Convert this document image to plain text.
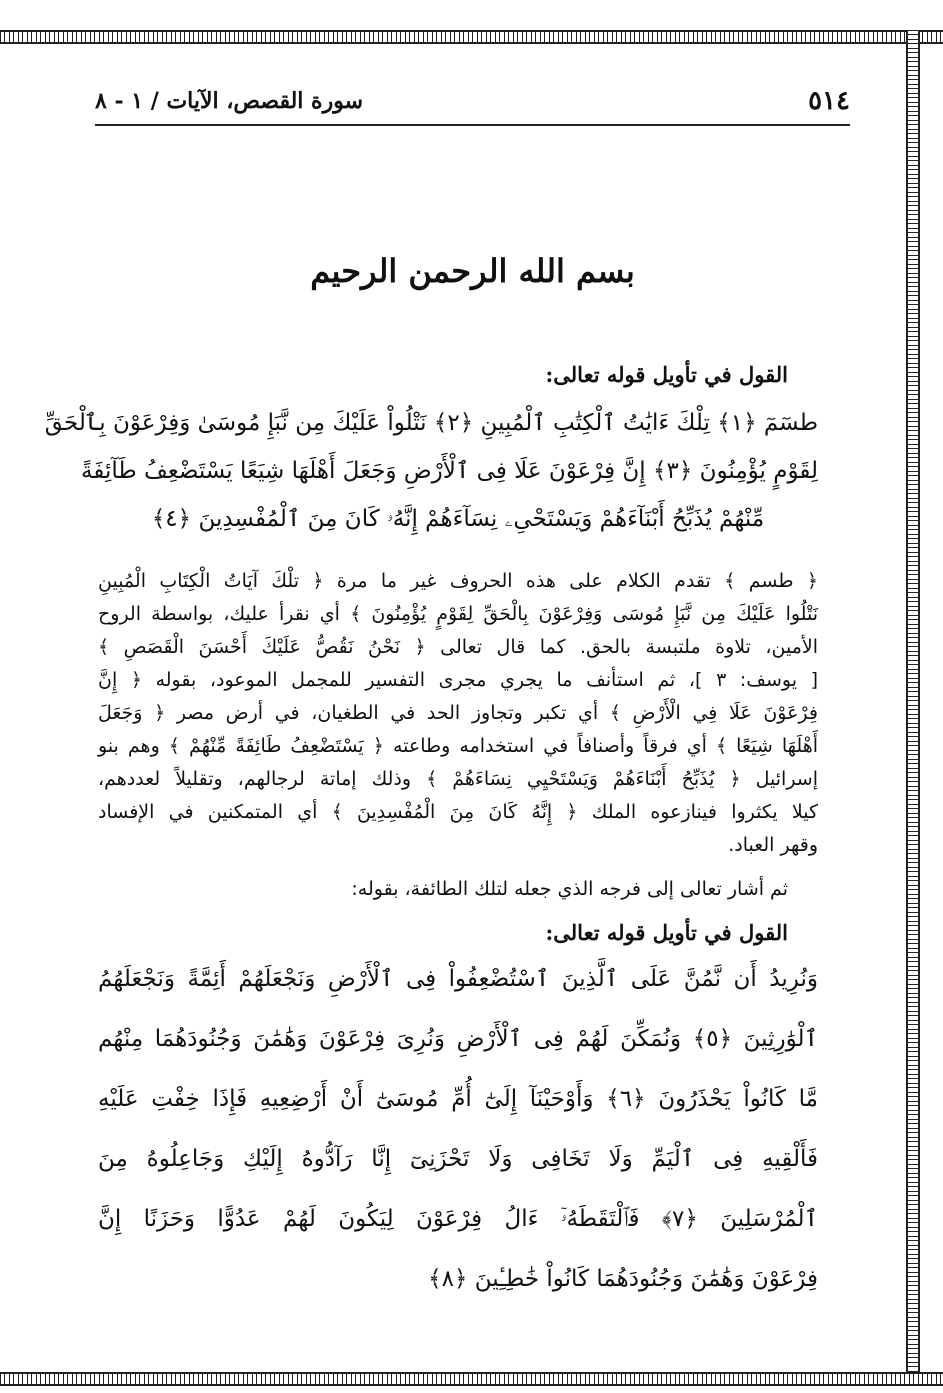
٥١٤
سورة القصص، الآيات / ١ - ٨
بسم الله الرحمن الرحيم
القول في تأويل قوله تعالى:
طسٓمٓ ﴿١﴾ تِلْكَ ءَايَٰتُ ٱلْكِتَٰبِ ٱلْمُبِينِ ﴿٢﴾ نَتْلُواْ عَلَيْكَ مِن نَّبَإِ مُوسَىٰ وَفِرْعَوْنَ بِٱلْحَقِّ
لِقَوْمٍ يُؤْمِنُونَ ﴿٣﴾ إِنَّ فِرْعَوْنَ عَلَا فِى ٱلْأَرْضِ وَجَعَلَ أَهْلَهَا شِيَعًا يَسْتَضْعِفُ طَآئِفَةً
مِّنْهُمْ يُذَبِّحُ أَبْنَآءَهُمْ وَيَسْتَحْىِۦ نِسَآءَهُمْ إِنَّهُۥ كَانَ مِنَ ٱلْمُفْسِدِينَ ﴿٤﴾
﴿ طسم ﴾ تقدم الكلام على هذه الحروف غير ما مرة ﴿ تلْكَ آيَاتُ الْكِتَابِ الْمُبِينِ
نَتْلُوا عَلَيْكَ مِن نَّبَإِ مُوسَى وَفِرْعَوْنَ بِالْحَقِّ لِقَوْمٍ يُؤْمِنُونَ ﴾ أي نقرأ عليك، بواسطة الروح
الأمين، تلاوة ملتبسة بالحق. كما قال تعالى ﴿ نَحْنُ نَقُصُّ عَلَيْكَ أَحْسَنَ الْقَصَصِ ﴾
[ يوسف: ٣ ]، ثم استأنف ما يجري مجرى التفسير للمجمل الموعود، بقوله ﴿ إِنَّ
فِرْعَوْنَ عَلَا فِي الْأَرْضِ ﴾ أي تكبر وتجاوز الحد في الطغيان، في أرض مصر ﴿ وَجَعَلَ
أَهْلَهَا شِيَعًا ﴾ أي فرقاً وأصنافاً في استخدامه وطاعته ﴿ يَسْتَضْعِفُ طَائِفَةً مِّنْهُمْ ﴾ وهم بنو
إسرائيل ﴿ يُذَبِّحُ أَبْنَاءَهُمْ وَيَسْتَحْيِي نِسَاءَهُمْ ﴾ وذلك إماتة لرجالهم، وتقليلاً لعددهم،
كيلا يكثروا فينازعوه الملك ﴿ إِنَّهُ كَانَ مِنَ الْمُفْسِدِينَ ﴾ أي المتمكنين في الإفساد
وقهر العباد.
ثم أشار تعالى إلى فرجه الذي جعله لتلك الطائفة، بقوله:
القول في تأويل قوله تعالى:
وَنُرِيدُ أَن نَّمُنَّ عَلَى ٱلَّذِينَ ٱسْتُضْعِفُواْ فِى ٱلْأَرْضِ وَنَجْعَلَهُمْ أَئِمَّةً وَنَجْعَلَهُمُ
ٱلْوَٰرِثِينَ ﴿٥﴾ وَنُمَكِّنَ لَهُمْ فِى ٱلْأَرْضِ وَنُرِىَ فِرْعَوْنَ وَهَٰمَٰنَ وَجُنُودَهُمَا مِنْهُم
مَّا كَانُواْ يَحْذَرُونَ ﴿٦﴾ وَأَوْحَيْنَآ إِلَىٰٓ أُمِّ مُوسَىٰٓ أَنْ أَرْضِعِيهِ فَإِذَا خِفْتِ عَلَيْهِ
فَأَلْقِيهِ فِى ٱلْيَمِّ وَلَا تَخَافِى وَلَا تَحْزَنِىٓ إِنَّا رَآدُّوهُ إِلَيْكِ وَجَاعِلُوهُ مِنَ
ٱلْمُرْسَلِينَ ﴿٧﴾ فَٱلْتَقَطَهُۥٓ ءَالُ فِرْعَوْنَ لِيَكُونَ لَهُمْ عَدُوًّا وَحَزَنًا إِنَّ
فِرْعَوْنَ وَهَٰمَٰنَ وَجُنُودَهُمَا كَانُواْ خَٰطِـِٔينَ ﴿٨﴾
